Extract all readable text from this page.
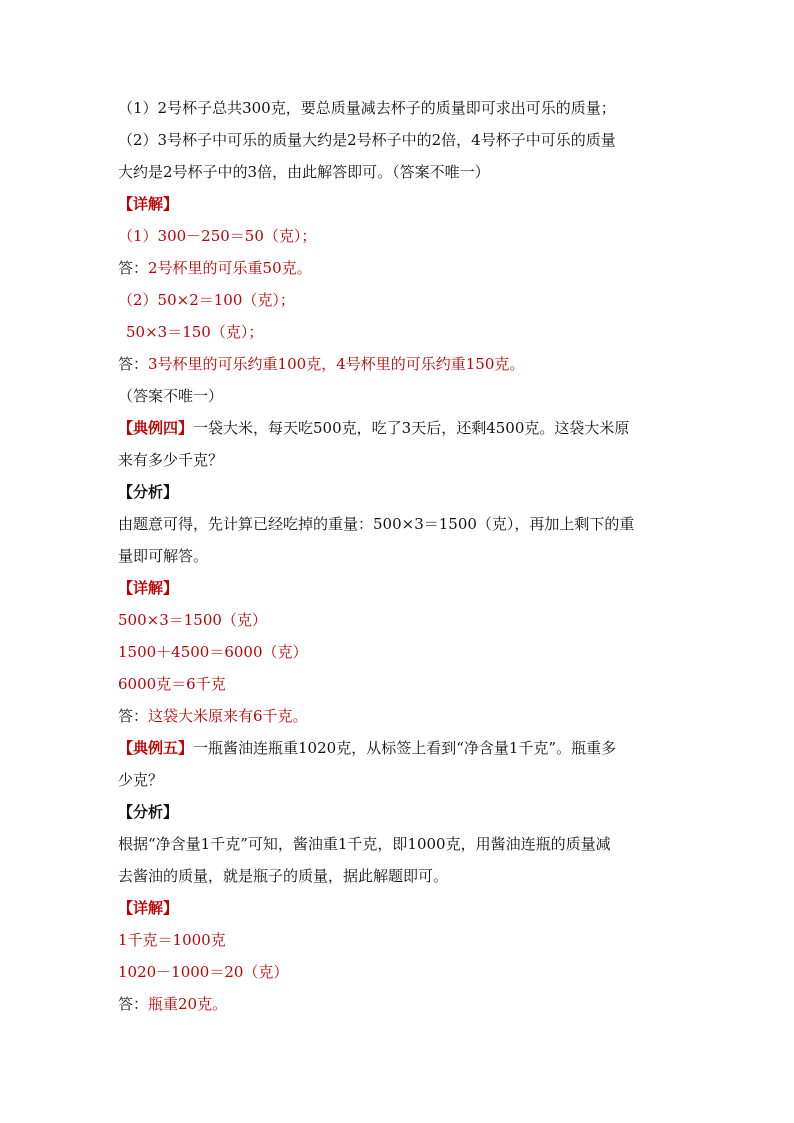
（1）2号杯子总共300克，要总质量减去杯子的质量即可求出可乐的质量；
（2）3号杯子中可乐的质量大约是2号杯子中的2倍，4号杯子中可乐的质量
大约是2号杯子中的3倍，由此解答即可。（答案不唯一）
【详解】
（1）300－250＝50（克）；
答：2号杯里的可乐重50克。
（2）50×2＝100（克）；
50×3＝150（克）；
答：3号杯里的可乐约重100克，4号杯里的可乐约重150克。
（答案不唯一）
【典例四】一袋大米，每天吃500克，吃了3天后，还剩4500克。这袋大米原
来有多少千克？
【分析】
由题意可得，先计算已经吃掉的重量：500×3＝1500（克），再加上剩下的重
量即可解答。
【详解】
500×3＝1500（克）
1500＋4500＝6000（克）
6000克＝6千克
答：这袋大米原来有6千克。
【典例五】一瓶酱油连瓶重1020克，从标签上看到“净含量1千克”。瓶重多
少克？
【分析】
根据“净含量1千克”可知，酱油重1千克，即1000克，用酱油连瓶的质量减
去酱油的质量，就是瓶子的质量，据此解题即可。
【详解】
1千克＝1000克
1020－1000＝20（克）
答：瓶重20克。
